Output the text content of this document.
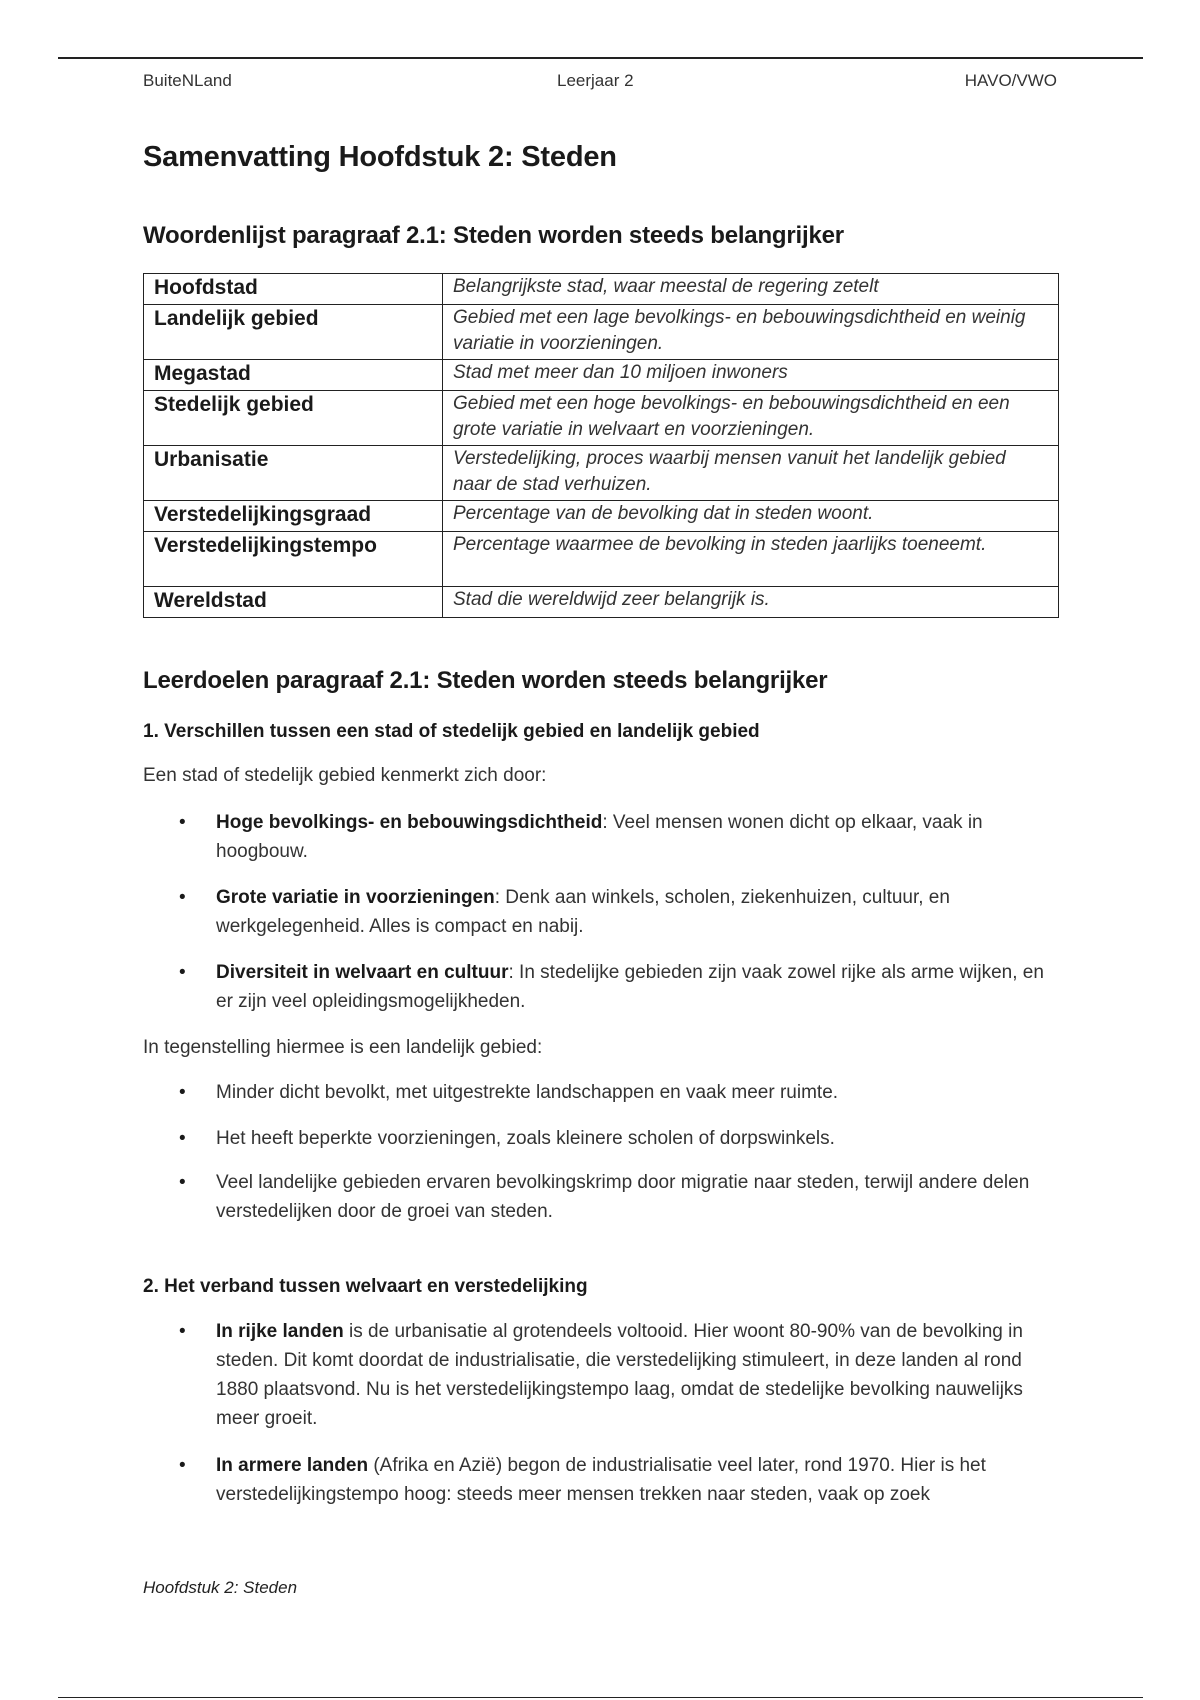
BuiteNLand	Leerjaar 2	HAVO/VWO
Samenvatting Hoofdstuk 2: Steden
Woordenlijst paragraaf 2.1: Steden worden steeds belangrijker
Hoofdstad	Belangrijkste stad, waar meestal de regering zetelt
Landelijk gebied	Gebied met een lage bevolkings- en bebouwingsdichtheid en weinig variatie in voorzieningen.
Megastad	Stad met meer dan 10 miljoen inwoners
Stedelijk gebied	Gebied met een hoge bevolkings- en bebouwingsdichtheid en een grote variatie in welvaart en voorzieningen.
Urbanisatie	Verstedelijking, proces waarbij mensen vanuit het landelijk gebied naar de stad verhuizen.
Verstedelijkingsgraad	Percentage van de bevolking dat in steden woont.
Verstedelijkingstempo	Percentage waarmee de bevolking in steden jaarlijks toeneemt.
Wereldstad	Stad die wereldwijd zeer belangrijk is.
Leerdoelen paragraaf 2.1: Steden worden steeds belangrijker

1. Verschillen tussen een stad of stedelijk gebied en landelijk gebied

Een stad of stedelijk gebied kenmerkt zich door:

• Hoge bevolkings- en bebouwingsdichtheid: Veel mensen wonen dicht op elkaar, vaak in hoogbouw.
• Grote variatie in voorzieningen: Denk aan winkels, scholen, ziekenhuizen, cultuur, en werkgelegenheid. Alles is compact en nabij.
• Diversiteit in welvaart en cultuur: In stedelijke gebieden zijn vaak zowel rijke als arme wijken, en er zijn veel opleidingsmogelijkheden.

In tegenstelling hiermee is een landelijk gebied:

• Minder dicht bevolkt, met uitgestrekte landschappen en vaak meer ruimte.
• Het heeft beperkte voorzieningen, zoals kleinere scholen of dorpswinkels.
• Veel landelijke gebieden ervaren bevolkingskrimp door migratie naar steden, terwijl andere delen verstedelijken door de groei van steden.

2. Het verband tussen welvaart en verstedelijking

• In rijke landen is de urbanisatie al grotendeels voltooid. Hier woont 80-90% van de bevolking in steden. Dit komt doordat de industrialisatie, die verstedelijking stimuleert, in deze landen al rond 1880 plaatsvond. Nu is het verstedelijkingstempo laag, omdat de stedelijke bevolking nauwelijks meer groeit.
• In armere landen (Afrika en Azië) begon de industrialisatie veel later, rond 1970. Hier is het verstedelijkingstempo hoog: steeds meer mensen trekken naar steden, vaak op zoek
Hoofdstuk 2: Steden
